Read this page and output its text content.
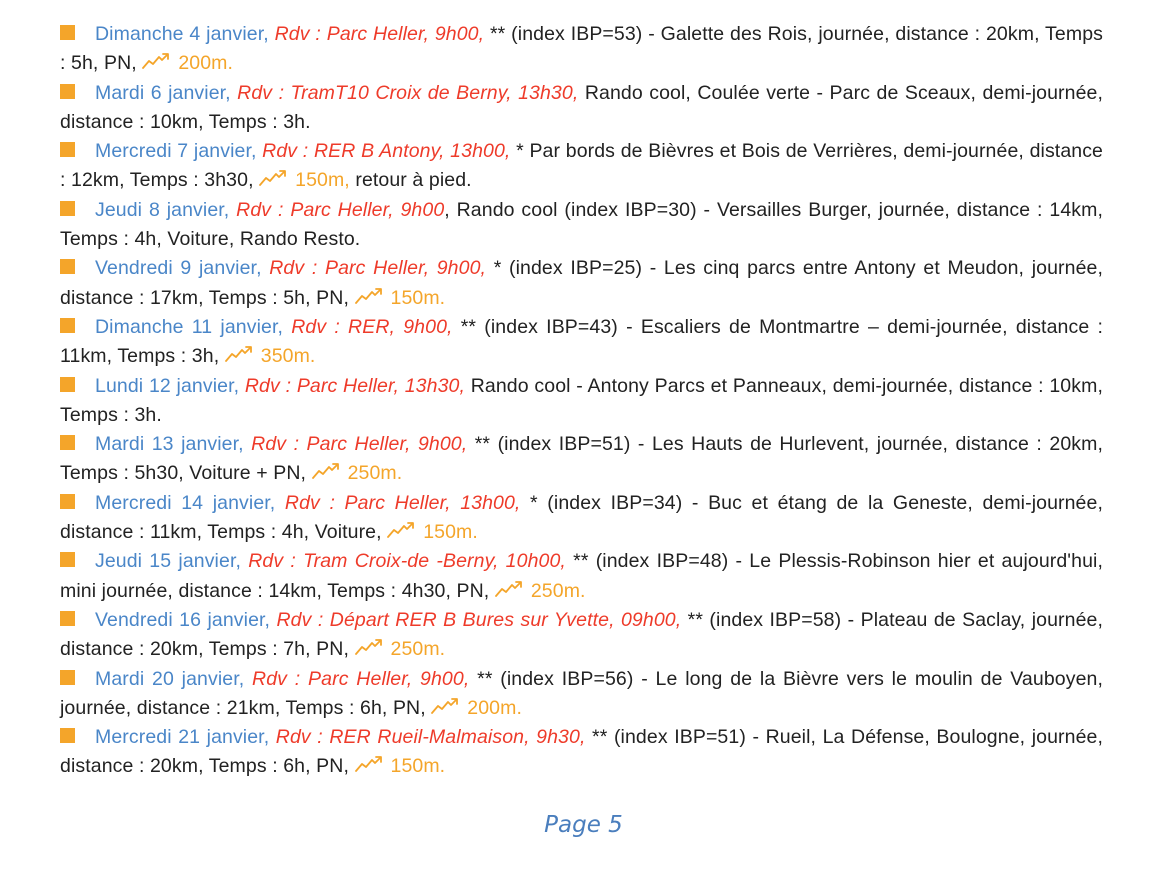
Dimanche 4 janvier, Rdv : Parc Heller, 9h00, ** (index IBP=53) - Galette des Rois, journée, distance : 20km, Temps : 5h, PN, 200m.
Mardi 6 janvier, Rdv : TramT10 Croix de Berny, 13h30, Rando cool, Coulée verte - Parc de Sceaux, demi-journée, distance : 10km, Temps : 3h.
Mercredi 7 janvier, Rdv : RER B Antony, 13h00, * Par bords de Bièvres et Bois de Verrières, demi-journée, distance : 12km, Temps : 3h30, 150m, retour à pied.
Jeudi 8 janvier, Rdv : Parc Heller, 9h00, Rando cool (index IBP=30) - Versailles Burger, journée, distance : 14km, Temps : 4h, Voiture, Rando Resto.
Vendredi 9 janvier, Rdv : Parc Heller, 9h00, * (index IBP=25) - Les cinq parcs entre Antony et Meudon, journée, distance : 17km, Temps : 5h, PN, 150m.
Dimanche 11 janvier, Rdv : RER, 9h00, ** (index IBP=43) - Escaliers de Montmartre – demi-journée, distance : 11km, Temps : 3h, 350m.
Lundi 12 janvier, Rdv : Parc Heller, 13h30, Rando cool - Antony Parcs et Panneaux, demi-journée, distance : 10km, Temps : 3h.
Mardi 13 janvier, Rdv : Parc Heller, 9h00, ** (index IBP=51) - Les Hauts de Hurlevent, journée, distance : 20km, Temps : 5h30, Voiture + PN, 250m.
Mercredi 14 janvier, Rdv : Parc Heller, 13h00, * (index IBP=34) - Buc et étang de la Geneste, demi-journée, distance : 11km, Temps : 4h, Voiture, 150m.
Jeudi 15 janvier, Rdv : Tram Croix-de -Berny, 10h00, ** (index IBP=48) - Le Plessis-Robinson hier et aujourd'hui, mini journée, distance : 14km, Temps : 4h30, PN, 250m.
Vendredi 16 janvier, Rdv : Départ RER B Bures sur Yvette, 09h00, ** (index IBP=58) - Plateau de Saclay, journée, distance : 20km, Temps : 7h, PN, 250m.
Mardi 20 janvier, Rdv : Parc Heller, 9h00, ** (index IBP=56) - Le long de la Bièvre vers le moulin de Vauboyen, journée, distance : 21km, Temps : 6h, PN, 200m.
Mercredi 21 janvier, Rdv : RER Rueil-Malmaison, 9h30, ** (index IBP=51) - Rueil, La Défense, Boulogne, journée, distance : 20km, Temps : 6h, PN, 150m.
Page 5
